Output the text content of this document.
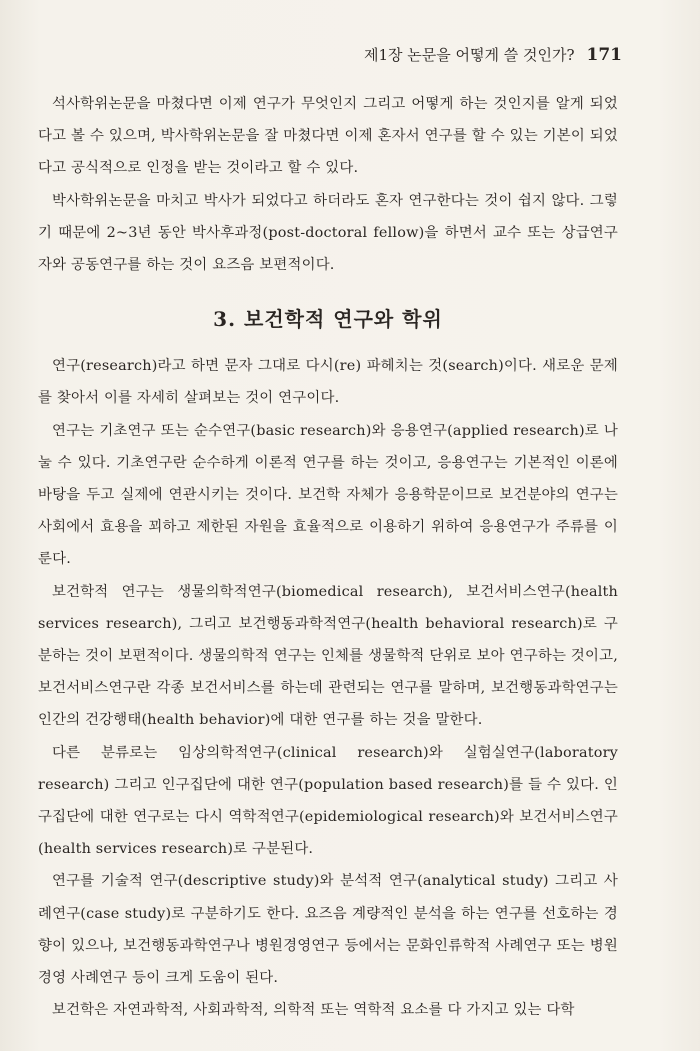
제1장 논문을 어떻게 쓸 것인가? 171

석사학위논문을 마쳤다면 이제 연구가 무엇인지 그리고 어떻게 하는 것인지를 알게 되었다고 볼 수 있으며, 박사학위논문을 잘 마쳤다면 이제 혼자서 연구를 할 수 있는 기본이 되었다고 공식적으로 인정을 받는 것이라고 할 수 있다.

박사학위논문을 마치고 박사가 되었다고 하더라도 혼자 연구한다는 것이 쉽지 않다. 그렇기 때문에 2~3년 동안 박사후과정(post-doctoral fellow)을 하면서 교수 또는 상급연구자와 공동연구를 하는 것이 요즈음 보편적이다.

3. 보건학적 연구와 학위

연구(research)라고 하면 문자 그대로 다시(re) 파헤치는 것(search)이다. 새로운 문제를 찾아서 이를 자세히 살펴보는 것이 연구이다.

연구는 기초연구 또는 순수연구(basic research)와 응용연구(applied research)로 나눌 수 있다. 기초연구란 순수하게 이론적 연구를 하는 것이고, 응용연구는 기본적인 이론에 바탕을 두고 실제에 연관시키는 것이다. 보건학 자체가 응용학문이므로 보건분야의 연구는 사회에서 효용을 꾀하고 제한된 자원을 효율적으로 이용하기 위하여 응용연구가 주류를 이룬다.

보건학적 연구는 생물의학적연구(biomedical research), 보건서비스연구(health services research), 그리고 보건행동과학적연구(health behavioral research)로 구분하는 것이 보편적이다. 생물의학적 연구는 인체를 생물학적 단위로 보아 연구하는 것이고, 보건서비스연구란 각종 보건서비스를 하는데 관련되는 연구를 말하며, 보건행동과학연구는 인간의 건강행태(health behavior)에 대한 연구를 하는 것을 말한다.

다른 분류로는 임상의학적연구(clinical research)와 실험실연구(laboratory research) 그리고 인구집단에 대한 연구(population based research)를 들 수 있다. 인구집단에 대한 연구로는 다시 역학적연구(epidemiological research)와 보건서비스연구(health services research)로 구분된다.

연구를 기술적 연구(descriptive study)와 분석적 연구(analytical study) 그리고 사례연구(case study)로 구분하기도 한다. 요즈음 계량적인 분석을 하는 연구를 선호하는 경향이 있으나, 보건행동과학연구나 병원경영연구 등에서는 문화인류학적 사례연구 또는 병원경영 사례연구 등이 크게 도움이 된다.

보건학은 자연과학적, 사회과학적, 의학적 또는 역학적 요소를 다 가지고 있는 다학
